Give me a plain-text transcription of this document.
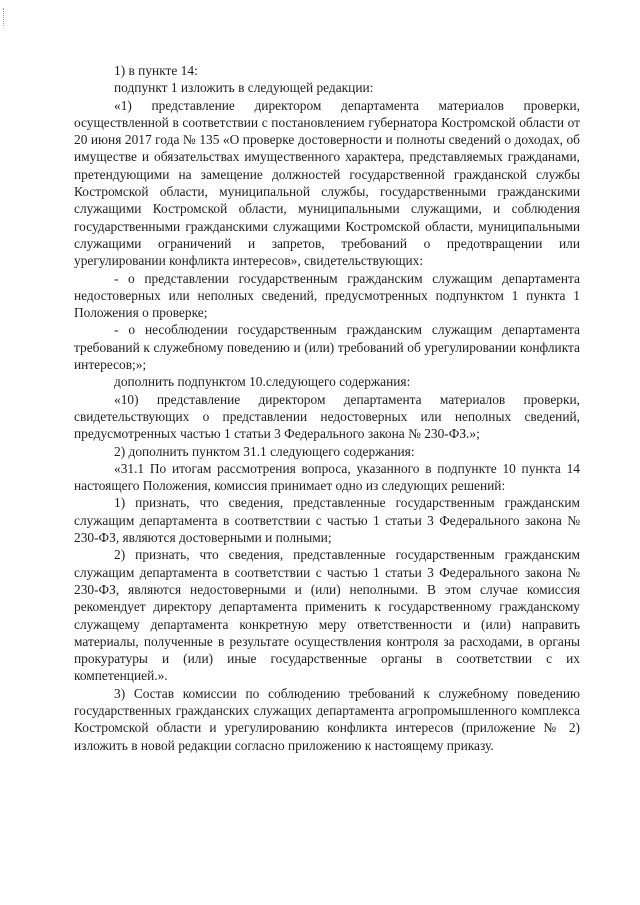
1) в пункте 14:

подпункт 1 изложить в следующей редакции:

«1) представление директором департамента материалов проверки, осуществленной в соответствии с постановлением губернатора Костромской области от 20 июня 2017 года № 135 «О проверке достоверности и полноты сведений о доходах, об имуществе и обязательствах имущественного характера, представляемых гражданами, претендующими на замещение должностей государственной гражданской службы Костромской области, муниципальной службы, государственными гражданскими служащими Костромской области, муниципальными служащими, и соблюдения государственными гражданскими служащими Костромской области, муниципальными служащими ограничений и запретов, требований о предотвращении или урегулировании конфликта интересов», свидетельствующих:

- о представлении государственным гражданским служащим департамента недостоверных или неполных сведений, предусмотренных подпунктом 1 пункта 1 Положения о проверке;

- о несоблюдении государственным гражданским служащим департамента требований к служебному поведению и (или) требований об урегулировании конфликта интересов;»;

дополнить подпунктом 10.следующего содержания:

«10) представление директором департамента материалов проверки, свидетельствующих о представлении недостоверных или неполных сведений, предусмотренных частью 1 статьи 3 Федерального закона № 230-ФЗ.»;

2) дополнить пунктом 31.1 следующего содержания:

«31.1 По итогам рассмотрения вопроса, указанного в подпункте 10 пункта 14 настоящего Положения, комиссия принимает одно из следующих решений:

1) признать, что сведения, представленные государственным гражданским служащим департамента в соответствии с частью 1 статьи 3 Федерального закона № 230-ФЗ, являются достоверными и полными;

2) признать, что сведения, представленные государственным гражданским служащим департамента в соответствии с частью 1 статьи 3 Федерального закона № 230-ФЗ, являются недостоверными и (или) неполными. В этом случае комиссия рекомендует директору департамента применить к государственному гражданскому служащему департамента конкретную меру ответственности и (или) направить материалы, полученные в результате осуществления контроля за расходами, в органы прокуратуры и (или) иные государственные органы в соответствии с их компетенцией.».

3) Состав комиссии по соблюдению требований к служебному поведению государственных гражданских служащих департамента агропромышленного комплекса Костромской области и урегулированию конфликта интересов (приложение № 2) изложить в новой редакции согласно приложению к настоящему приказу.
